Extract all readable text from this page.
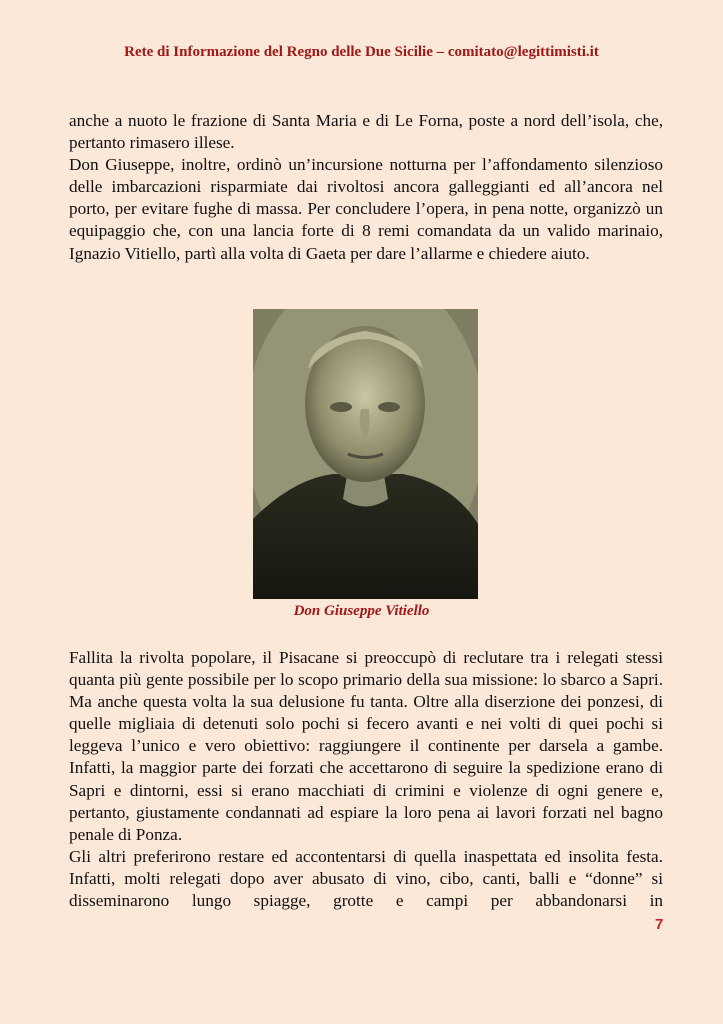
Rete di Informazione del Regno delle Due Sicilie – comitato@legittimisti.it

anche a nuoto le frazione di Santa Maria e di Le Forna, poste a nord dell’isola, che, pertanto rimasero illese.

Don Giuseppe, inoltre, ordinò un’incursione notturna per l’affondamento silenzioso delle imbarcazioni risparmiate dai rivoltosi ancora galleggianti ed all’ancora nel porto, per evitare fughe di massa. Per concludere l’opera, in pena notte, organizzò un equipaggio che, con una lancia forte di 8 remi comandata da un valido marinaio, Ignazio Vitiello, partì alla volta di Gaeta per dare l’allarme e chiedere aiuto.

Don Giuseppe Vitiello

Fallita la rivolta popolare, il Pisacane si preoccupò di reclutare tra i relegati stessi quanta più gente possibile per lo scopo primario della sua missione: lo sbarco a Sapri. Ma anche questa volta la sua delusione fu tanta. Oltre alla diserzione dei ponzesi, di quelle migliaia di detenuti solo pochi si fecero avanti e nei volti di quei pochi si leggeva l’unico e vero obiettivo: raggiungere il continente per darsela a gambe. Infatti, la maggior parte dei forzati che accettarono di seguire la spedizione erano di Sapri e dintorni, essi si erano macchiati di crimini e violenze di ogni genere e, pertanto, giustamente condannati ad espiare la loro pena ai lavori forzati nel bagno penale di Ponza.

Gli altri preferirono restare ed accontentarsi di quella inaspettata ed insolita festa. Infatti, molti relegati dopo aver abusato di vino, cibo, canti, balli e “donne” si disseminarono lungo spiagge, grotte e campi per abbandonarsi in

7
